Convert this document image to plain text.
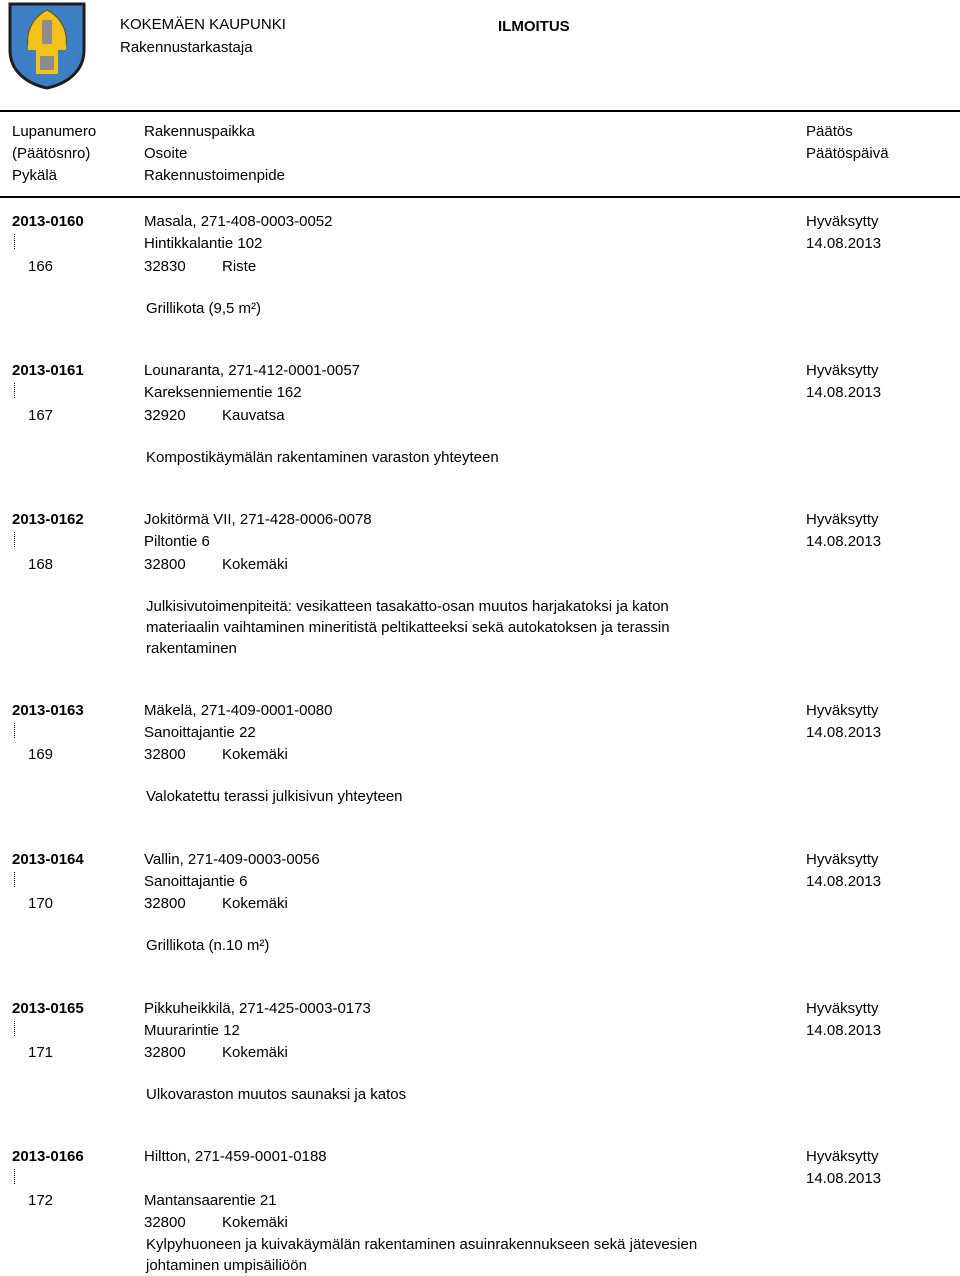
KOKEMÄEN KAUPUNKI
Rakennustarkastaja
ILMOITUS
Lupanumero
(Päätösnro)
Pykälä
Rakennuspaikka
Osoite
Rakennustoimenpide
Päätös
Päätöspäivä
2013-0160
166
Masala, 271-408-0003-0052
Hintikkalantie 102
32830 Riste
Hyväksytty
14.08.2013
Grillikota (9,5 m²)
2013-0161
167
Lounaranta, 271-412-0001-0057
Kareksenniementie 162
32920 Kauvatsa
Hyväksytty
14.08.2013
Kompostikäymälän rakentaminen varaston yhteyteen
2013-0162
168
Jokitörmä VII, 271-428-0006-0078
Piltontie 6
32800 Kokemäki
Hyväksytty
14.08.2013
Julkisivutoimenpiteitä: vesikatteen tasakatto-osan muutos harjakatoksi ja katon
materiaalin vaihtaminen mineritistä peltikatteeksi sekä autokatoksen ja terassin
rakentaminen
2013-0163
169
Mäkelä, 271-409-0001-0080
Sanoittajantie 22
32800 Kokemäki
Hyväksytty
14.08.2013
Valokatettu terassi julkisivun yhteyteen
2013-0164
170
Vallin, 271-409-0003-0056
Sanoittajantie 6
32800 Kokemäki
Hyväksytty
14.08.2013
Grillikota (n.10 m²)
2013-0165
171
Pikkuheikkilä, 271-425-0003-0173
Muurarintie 12
32800 Kokemäki
Hyväksytty
14.08.2013
Ulkovaraston muutos saunaksi ja katos
2013-0166
172
Hiltton, 271-459-0001-0188
Mantansaarentie 21
32800 Kokemäki
Hyväksytty
14.08.2013
Kylpyhuoneen ja kuivakäymälän rakentaminen asuinrakennukseen sekä jätevesien
johtaminen umpisäiliöön
